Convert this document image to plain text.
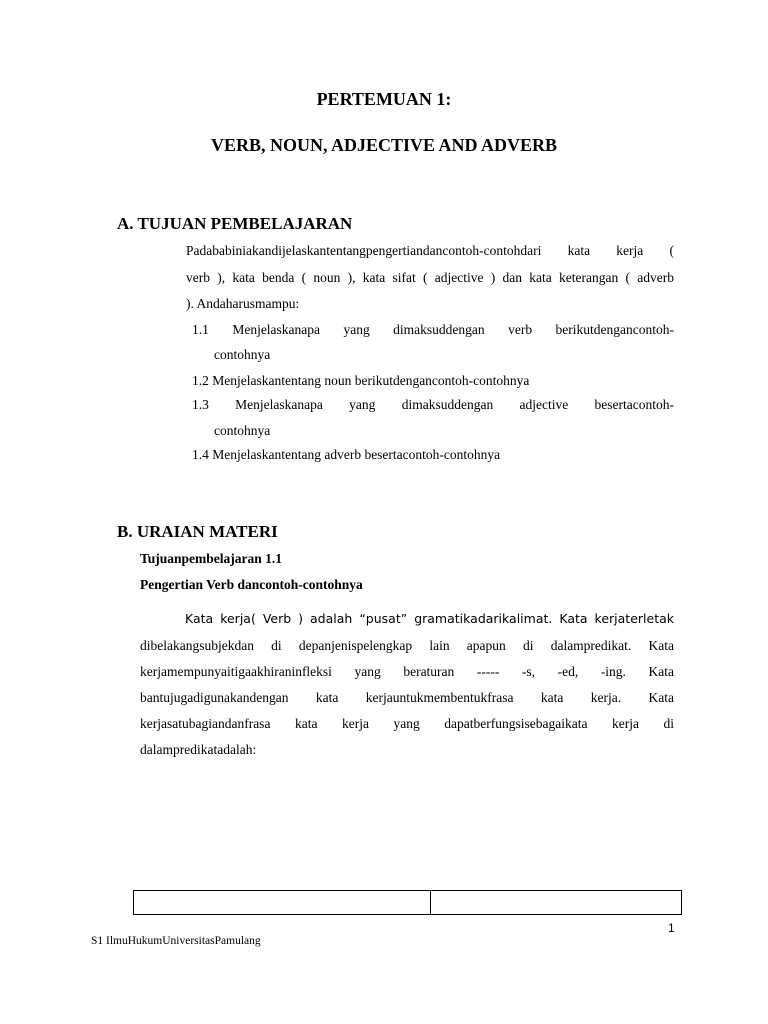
PERTEMUAN 1:
VERB, NOUN, ADJECTIVE AND ADVERB
A. TUJUAN PEMBELAJARAN
Padababiniakandijelaskantentangpengertiandancontoh-contohdari kata kerja (
verb ), kata benda ( noun ), kata sifat ( adjective ) dan kata keterangan ( adverb
). Andaharusmampu:
1.1 Menjelaskanapa yang dimaksuddengan verb berikutdengancontoh-
contohnya
1.2 Menjelaskantentang noun berikutdengancontoh-contohnya
1.3 Menjelaskanapa yang dimaksuddengan adjective besertacontoh-
contohnya
1.4 Menjelaskantentang adverb besertacontoh-contohnya
B. URAIAN MATERI
Tujuanpembelajaran 1.1
Pengertian Verb dancontoh-contohnya
Kata kerja( Verb ) adalah “pusat” gramatikadarikalimat. Kata kerjaterletak
dibelakangsubjekdan di depanjenispelengkap lain apapun di dalampredikat. Kata
kerjamempunyaitigaakhiraninfleksi yang beraturan ----- -s, -ed, -ing. Kata
bantujugadigunakandengan kata kerjauntukmembentukfrasa kata kerja. Kata
kerjasatubagiandanfrasa kata kerja yang dapatberfungsisebagaikata kerja di
dalampredikatadalah:
1
S1 IlmuHukumUniversitasPamulang
